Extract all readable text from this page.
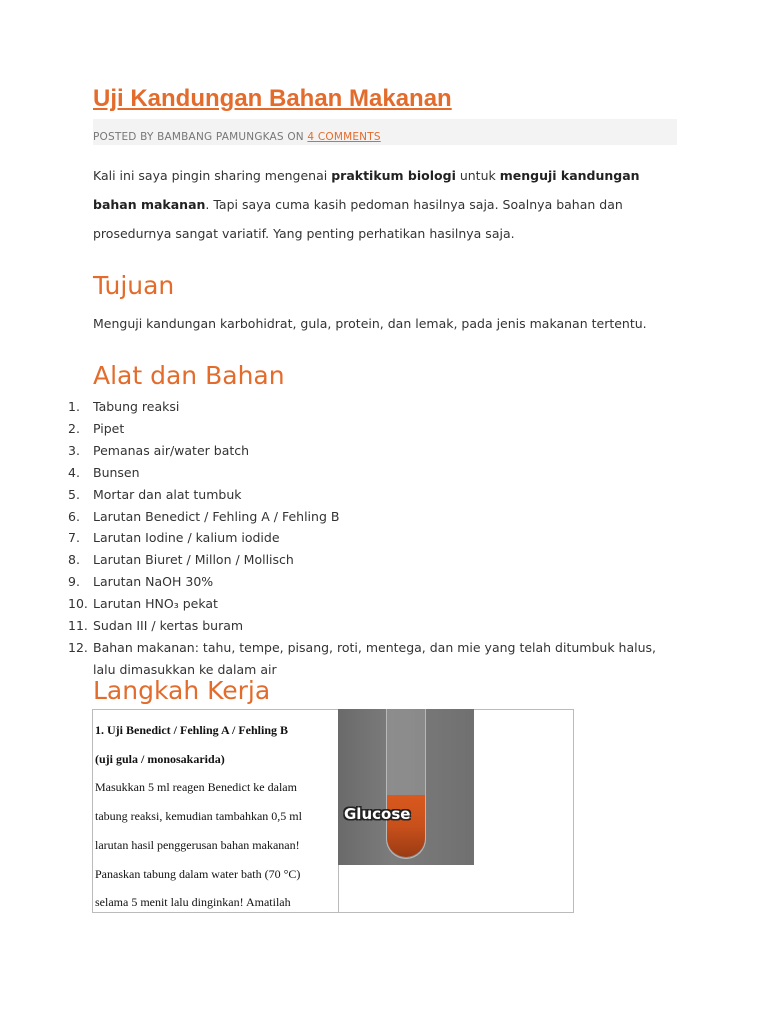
Uji Kandungan Bahan Makanan
POSTED BY BAMBANG PAMUNGKAS ON 4 COMMENTS
Kali ini saya pingin sharing mengenai praktikum biologi untuk menguji kandungan bahan makanan. Tapi saya cuma kasih pedoman hasilnya saja. Soalnya bahan dan prosedurnya sangat variatif. Yang penting perhatikan hasilnya saja.
Tujuan
Menguji kandungan karbohidrat, gula, protein, dan lemak, pada jenis makanan tertentu.
Alat dan Bahan
1.	Tabung reaksi
2.	Pipet
3.	Pemanas air/water batch
4.	Bunsen
5.	Mortar dan alat tumbuk
6.	Larutan Benedict / Fehling A / Fehling B
7.	Larutan Iodine / kalium iodide
8.	Larutan Biuret / Millon / Mollisch
9.	Larutan NaOH 30%
10. Larutan HNO₃ pekat
11. Sudan III / kertas buram
12. Bahan makanan: tahu, tempe, pisang, roti, mentega, dan mie yang telah ditumbuk halus, lalu dimasukkan ke dalam air
Langkah Kerja

1. Uji Benedict / Fehling A / Fehling B

(uji gula / monosakarida)

Masukkan 5 ml reagen Benedict ke dalam

tabung reaksi, kemudian tambahkan 0,5 ml

larutan hasil penggerusan bahan makanan!

Panaskan tabung dalam water bath (70 °C)

selama 5 menit lalu dinginkan! Amatilah

Glucose
